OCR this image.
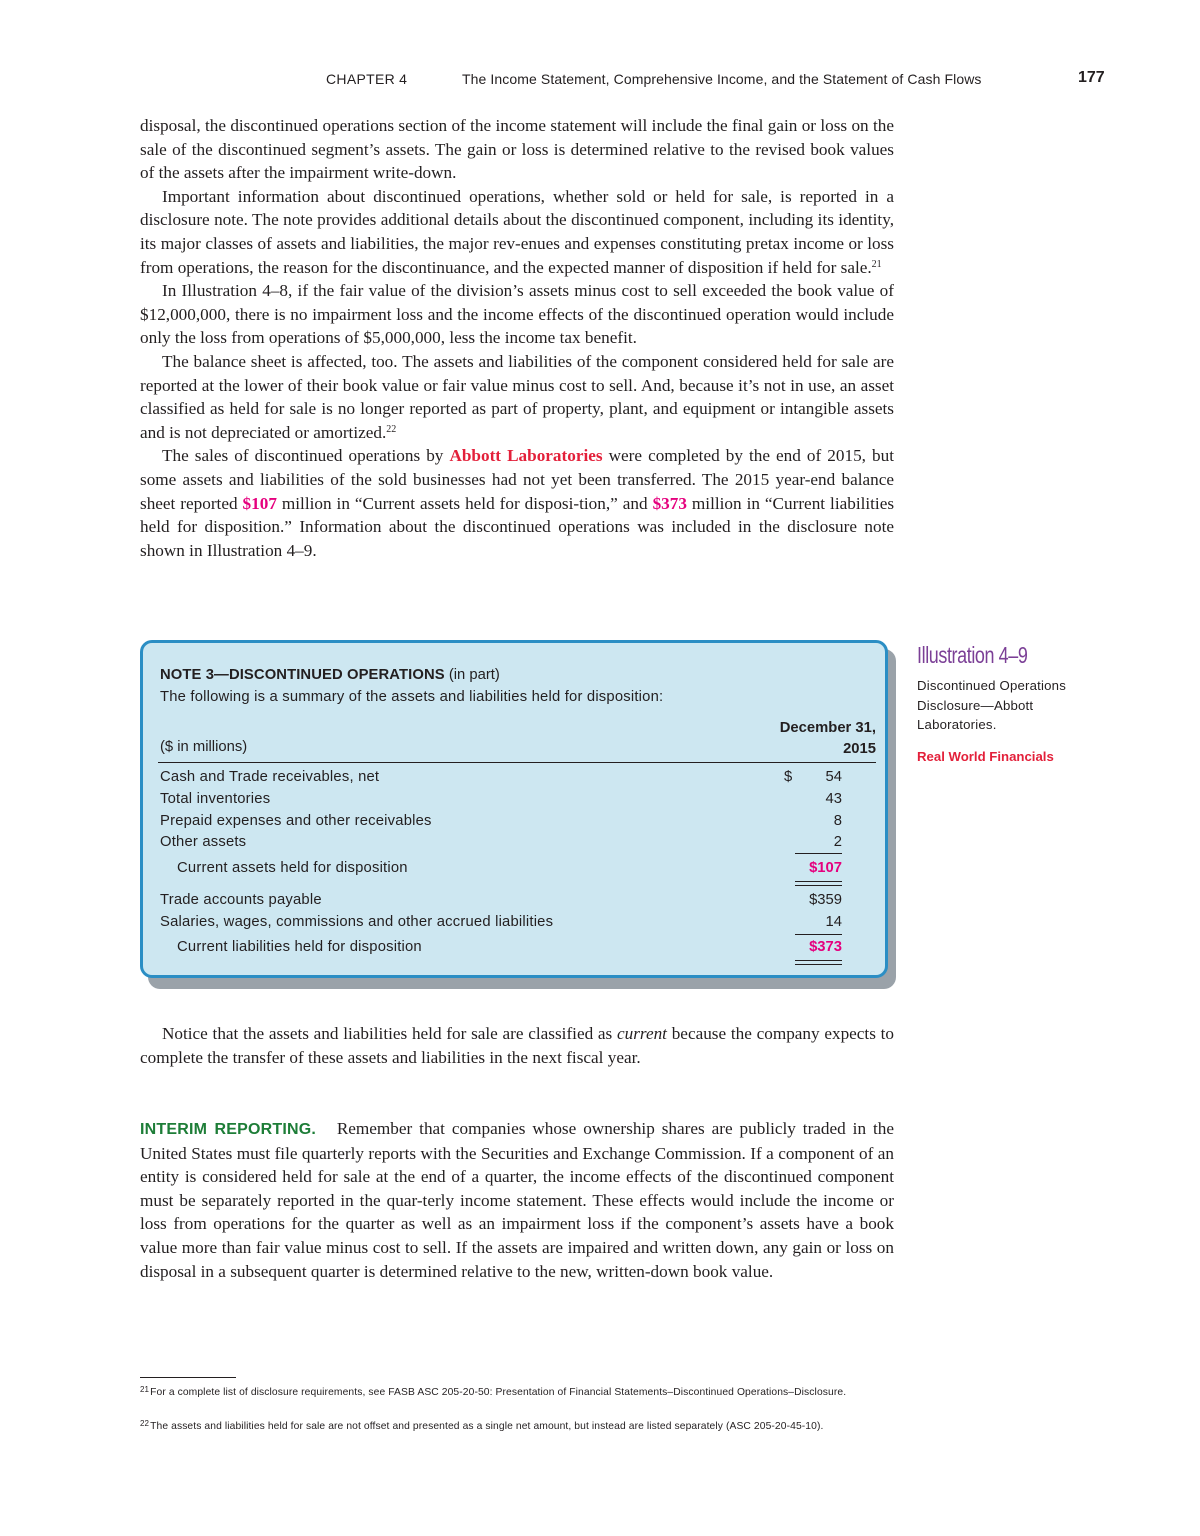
CHAPTER 4	The Income Statement, Comprehensive Income, and the Statement of Cash Flows	177

disposal, the discontinued operations section of the income statement will include the final gain or loss on the sale of the discontinued segment’s assets. The gain or loss is determined relative to the revised book values of the assets after the impairment write-down.

Important information about discontinued operations, whether sold or held for sale, is reported in a disclosure note. The note provides additional details about the discontinued component, including its identity, its major classes of assets and liabilities, the major rev-enues and expenses constituting pretax income or loss from operations, the reason for the discontinuance, and the expected manner of disposition if held for sale.$^{21}$

In Illustration 4–8, if the fair value of the division’s assets minus cost to sell exceeded the book value of $12,000,000, there is no impairment loss and the income effects of the discontinued operation would include only the loss from operations of $5,000,000, less the income tax benefit.

The balance sheet is affected, too. The assets and liabilities of the component considered held for sale are reported at the lower of their book value or fair value minus cost to sell. And, because it’s not in use, an asset classified as held for sale is no longer reported as part of property, plant, and equipment or intangible assets and is not depreciated or amortized.$^{22}$

The sales of discontinued operations by Abbott Laboratories were completed by the end of 2015, but some assets and liabilities of the sold businesses had not yet been transferred. The 2015 year-end balance sheet reported $107 million in “Current assets held for disposi-tion,” and $373 million in “Current liabilities held for disposition.” Information about the discontinued operations was included in the disclosure note shown in Illustration 4–9.

NOTE 3—DISCONTINUED OPERATIONS (in part)
The following is a summary of the assets and liabilities held for disposition:
December 31,
2015
($ in millions)
Cash and Trade receivables, net	$ 54
Total inventories	43
Prepaid expenses and other receivables	8
Other assets	2
Current assets held for disposition	$107
Trade accounts payable	$359
Salaries, wages, commissions and other accrued liabilities	14
Current liabilities held for disposition	$373
Illustration 4–9
Discontinued Operations Disclosure—Abbott Laboratories.
Real World Financials

Notice that the assets and liabilities held for sale are classified as current because the company expects to complete the transfer of these assets and liabilities in the next fiscal year.

INTERIM REPORTING. Remember that companies whose ownership shares are publicly traded in the United States must file quarterly reports with the Securities and Exchange Commission. If a component of an entity is considered held for sale at the end of a quarter, the income effects of the discontinued component must be separately reported in the quar-terly income statement. These effects would include the income or loss from operations for the quarter as well as an impairment loss if the component’s assets have a book value more than fair value minus cost to sell. If the assets are impaired and written down, any gain or loss on disposal in a subsequent quarter is determined relative to the new, written-down book value.

$^{21}$For a complete list of disclosure requirements, see FASB ASC 205-20-50: Presentation of Financial Statements–Discontinued Operations–Disclosure.
$^{22}$The assets and liabilities held for sale are not offset and presented as a single net amount, but instead are listed separately (ASC 205-20-45-10).
